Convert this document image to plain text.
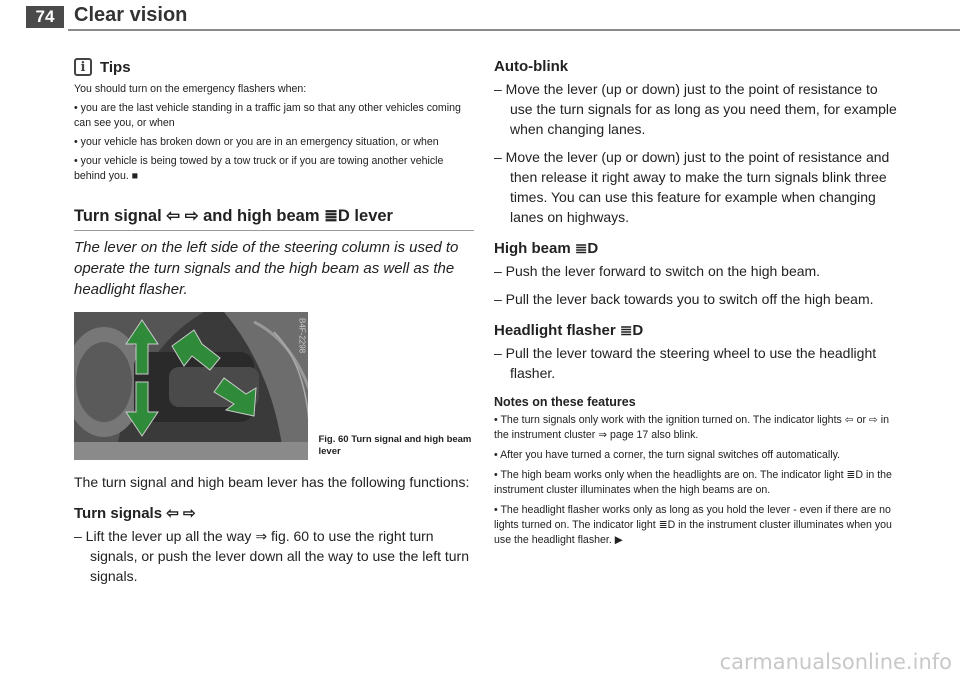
74 Clear vision
i Tips

You should turn on the emergency flashers when:

• you are the last vehicle standing in a traffic jam so that any other vehicles coming can see you, or when

• your vehicle has broken down or you are in an emergency situation, or when

• your vehicle is being towed by a tow truck or if you are towing another vehicle behind you. ■

Turn signal ⇦ ⇨ and high beam ≣D lever

The lever on the left side of the steering column is used to operate the turn signals and the high beam as well as the headlight flasher.

B4F-2298
Fig. 60 Turn signal and high beam lever

The turn signal and high beam lever has the following functions:

Turn signals ⇦ ⇨

– Lift the lever up all the way ⇒ fig. 60 to use the right turn signals, or push the lever down all the way to use the left turn signals.

Auto-blink

– Move the lever (up or down) just to the point of resistance to use the turn signals for as long as you need them, for example when changing lanes.

– Move the lever (up or down) just to the point of resistance and then release it right away to make the turn signals blink three times. You can use this feature for example when changing lanes on highways.

High beam ≣D

– Push the lever forward to switch on the high beam.

– Pull the lever back towards you to switch off the high beam.

Headlight flasher ≣D

– Pull the lever toward the steering wheel to use the headlight flasher.

Notes on these features

• The turn signals only work with the ignition turned on. The indicator lights ⇦ or ⇨ in the instrument cluster ⇒ page 17 also blink.

• After you have turned a corner, the turn signal switches off automatically.

• The high beam works only when the headlights are on. The indicator light ≣D in the instrument cluster illuminates when the high beams are on.

• The headlight flasher works only as long as you hold the lever - even if there are no lights turned on. The indicator light ≣D in the instrument cluster illuminates when you use the headlight flasher. ▶

carmanualsonline.info
